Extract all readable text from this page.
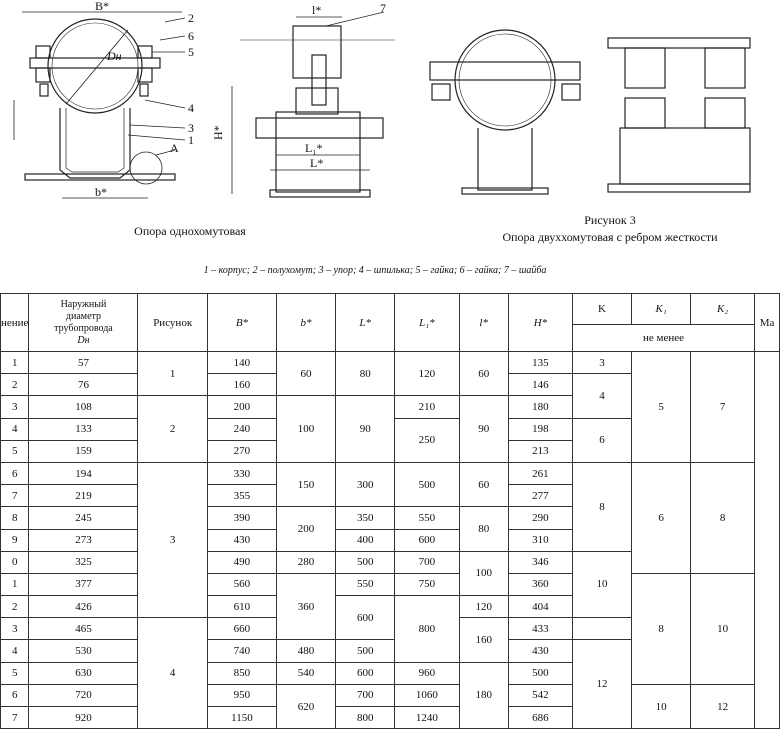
B*
b*
Dн
A
2
6
5
4
3
1
l*	7
L₁*
L*
H*
Опора однохомутовая
Рисунок 3
Опора двуххомутовая с ребром жесткости
1 – корпус; 2 – полухомут; 3 – упор; 4 – шпилька; 5 – гайка; 6 – гайка; 7 – шайба
нение	Наружный
диаметр
трубопровода
Dн	Рисунок	B*	b*	L*	L₁*	l*	H*	K	K₁	K₂	Ма
									не менее			
1	57	1	140	60	80	120	60	135	3	5	7	
2	76		160					146	4			
3	108	2	200	100	90	210	90	180				
4	133		240			250		198	6			
5	159		270					213				
6	194	3	330	150	300	500	60	261	8	6	8	
7	219		355					277				
8	245		390	200	350	550	80	290				
9	273		430		400	600		310				
0	325		490	280	500	700	100	346	10			
1	377		560	360	550	750		360		8	10	
2	426		610		600	800	120	404				
3	465	4	660				160	433				
4	530		740	480	500			430	12			
5	630		850	540	600	960	180	500				
6	720		950	620	700	1060		542		10	12	
7	920		1150		800	1240		686				
